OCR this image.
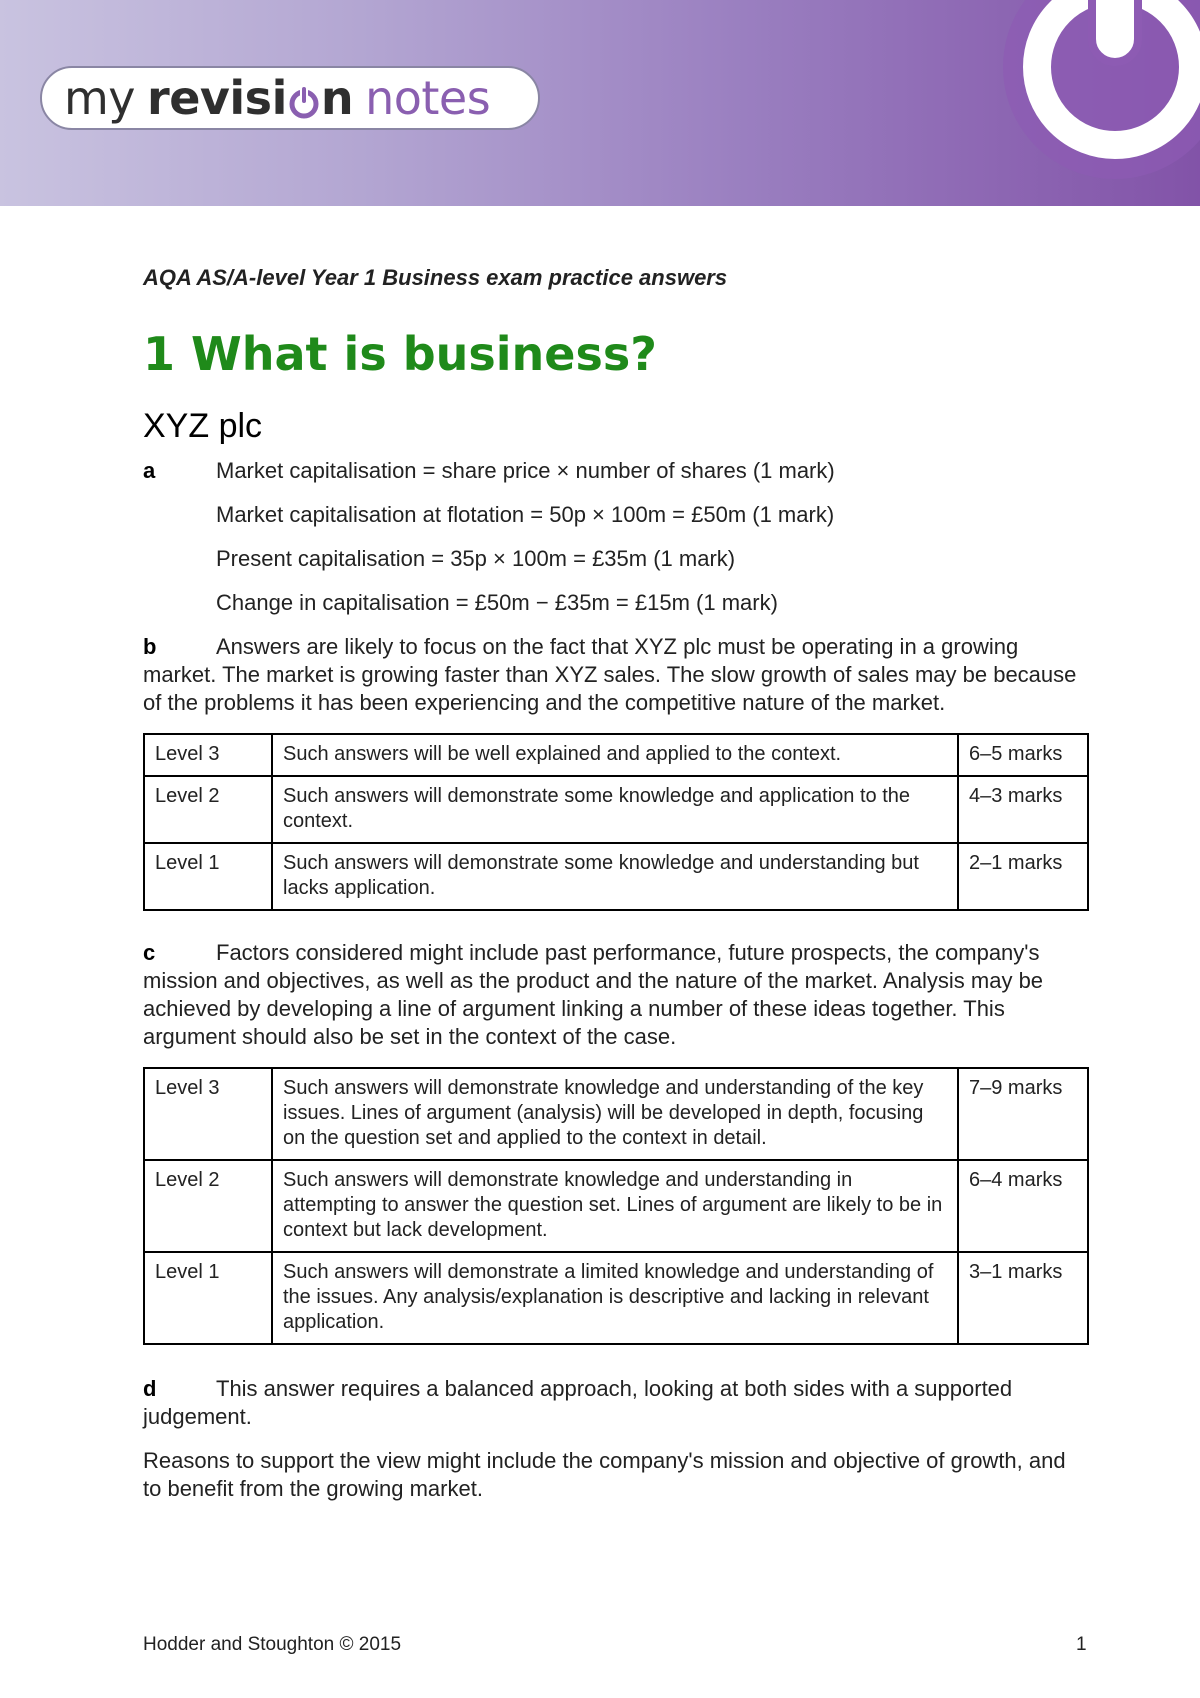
my revisi n notes

AQA AS/A-level Year 1 Business exam practice answers

1 What is business?
XYZ plc
a	Market capitalisation = share price × number of shares (1 mark)
Market capitalisation at flotation = 50p × 100m = £50m (1 mark)
Present capitalisation = 35p × 100m = £35m (1 mark)
Change in capitalisation = £50m − £35m = £15m (1 mark)

b	Answers are likely to focus on the fact that XYZ plc must be operating in a growing market. The market is growing faster than XYZ sales. The slow growth of sales may be because of the problems it has been experiencing and the competitive nature of the market.

Level 3	Such answers will be well explained and applied to the context.	6–5 marks
Level 2	Such answers will demonstrate some knowledge and application to the context.	4–3 marks
Level 1	Such answers will demonstrate some knowledge and understanding but lacks application.	2–1 marks

c	Factors considered might include past performance, future prospects, the company's mission and objectives, as well as the product and the nature of the market. Analysis may be achieved by developing a line of argument linking a number of these ideas together. This argument should also be set in the context of the case.

Level 3	Such answers will demonstrate knowledge and understanding of the key issues. Lines of argument (analysis) will be developed in depth, focusing on the question set and applied to the context in detail.	7–9 marks
Level 2	Such answers will demonstrate knowledge and understanding in attempting to answer the question set. Lines of argument are likely to be in context but lack development.	6–4 marks
Level 1	Such answers will demonstrate a limited knowledge and understanding of the issues. Any analysis/explanation is descriptive and lacking in relevant application.	3–1 marks

d	This answer requires a balanced approach, looking at both sides with a supported judgement.

Reasons to support the view might include the company's mission and objective of growth, and to benefit from the growing market.

Hodder and Stoughton © 2015	1
